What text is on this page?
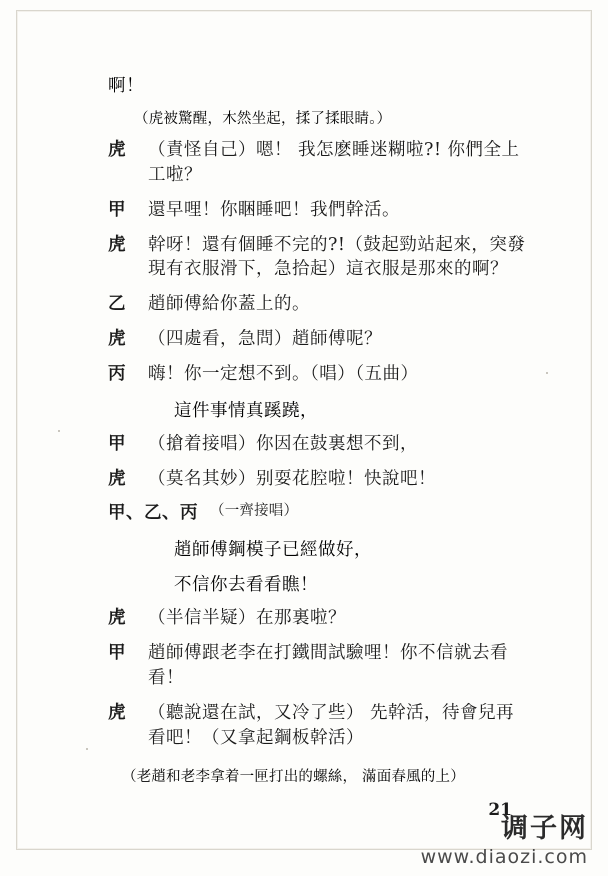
啊！
（虎被驚醒，木然坐起，揉了揉眼睛。）
虎	（責怪自己）嗯！ 我怎麽睡迷糊啦?! 你們全上工啦？
甲	還早哩！你睏睡吧！我們幹活。
虎	幹呀！還有個睡不完的?!（鼓起勁站起來，突發現有衣服滑下，急拾起）這衣服是那來的啊？
乙	趙師傅給你蓋上的。
虎	（四處看，急問）趙師傅呢？
丙	嗨！你一定想不到。（唱）（五曲）
這件事情真蹊蹺，
甲	（搶着接唱）你因在鼓裏想不到，
虎	（莫名其妙）别耍花腔啦！快說吧！
甲、乙、丙 （一齊接唱）
趙師傅鋼模子已經做好，
不信你去看看瞧！
虎	（半信半疑）在那裏啦？
甲	趙師傅跟老李在打鐵間試驗哩！你不信就去看看！
虎	（聽說還在試，又冷了些） 先幹活，待會兒再看吧！（又拿起鋼板幹活）
（老趙和老李拿着一匣打出的螺絲， 滿面春風的上）
21
调子网
www.diaozi.com
